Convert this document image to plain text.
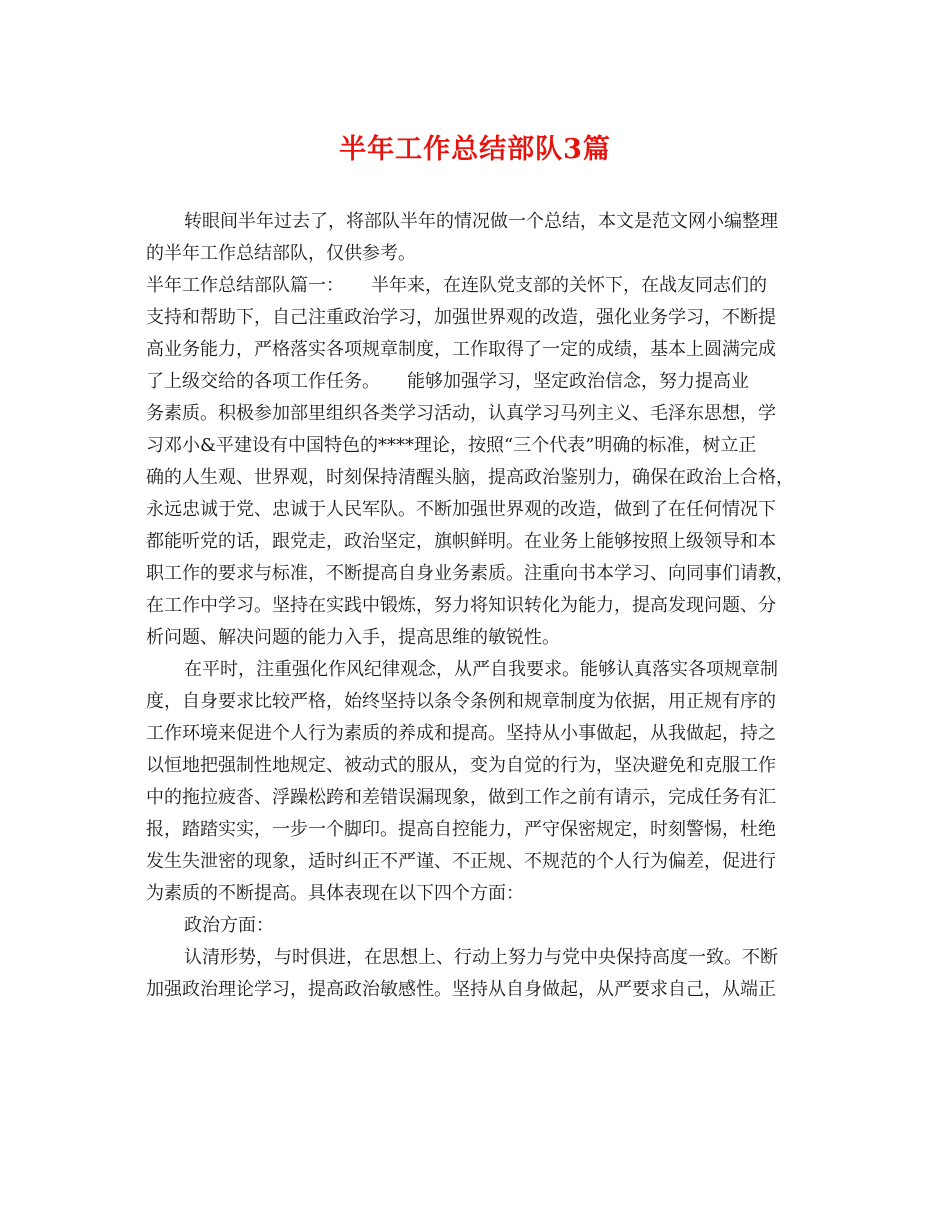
半年工作总结部队3篇
转眼间半年过去了，将部队半年的情况做一个总结，本文是范文网小编整理
的半年工作总结部队，仅供参考。
半年工作总结部队篇一：　　半年来，在连队党支部的关怀下，在战友同志们的
支持和帮助下，自己注重政治学习，加强世界观的改造，强化业务学习，不断提
高业务能力，严格落实各项规章制度，工作取得了一定的成绩，基本上圆满完成
了上级交给的各项工作任务。　　能够加强学习，坚定政治信念，努力提高业
务素质。积极参加部里组织各类学习活动，认真学习马列主义、毛泽东思想，学
习邓小&平建设有中国特色的****理论，按照“三个代表”明确的标准，树立正
确的人生观、世界观，时刻保持清醒头脑，提高政治鉴别力，确保在政治上合格，
永远忠诚于党、忠诚于人民军队。不断加强世界观的改造，做到了在任何情况下
都能听党的话，跟党走，政治坚定，旗帜鲜明。在业务上能够按照上级领导和本
职工作的要求与标准，不断提高自身业务素质。注重向书本学习、向同事们请教，
在工作中学习。坚持在实践中锻炼，努力将知识转化为能力，提高发现问题、分
析问题、解决问题的能力入手，提高思维的敏锐性。
在平时，注重强化作风纪律观念，从严自我要求。能够认真落实各项规章制
度，自身要求比较严格，始终坚持以条令条例和规章制度为依据，用正规有序的
工作环境来促进个人行为素质的养成和提高。坚持从小事做起，从我做起，持之
以恒地把强制性地规定、被动式的服从，变为自觉的行为，坚决避免和克服工作
中的拖拉疲沓、浮躁松跨和差错误漏现象，做到工作之前有请示，完成任务有汇
报，踏踏实实，一步一个脚印。提高自控能力，严守保密规定，时刻警惕，杜绝
发生失泄密的现象，适时纠正不严谨、不正规、不规范的个人行为偏差，促进行
为素质的不断提高。具体表现在以下四个方面：
政治方面：
认清形势，与时俱进，在思想上、行动上努力与党中央保持高度一致。不断
加强政治理论学习，提高政治敏感性。坚持从自身做起，从严要求自己，从端正
